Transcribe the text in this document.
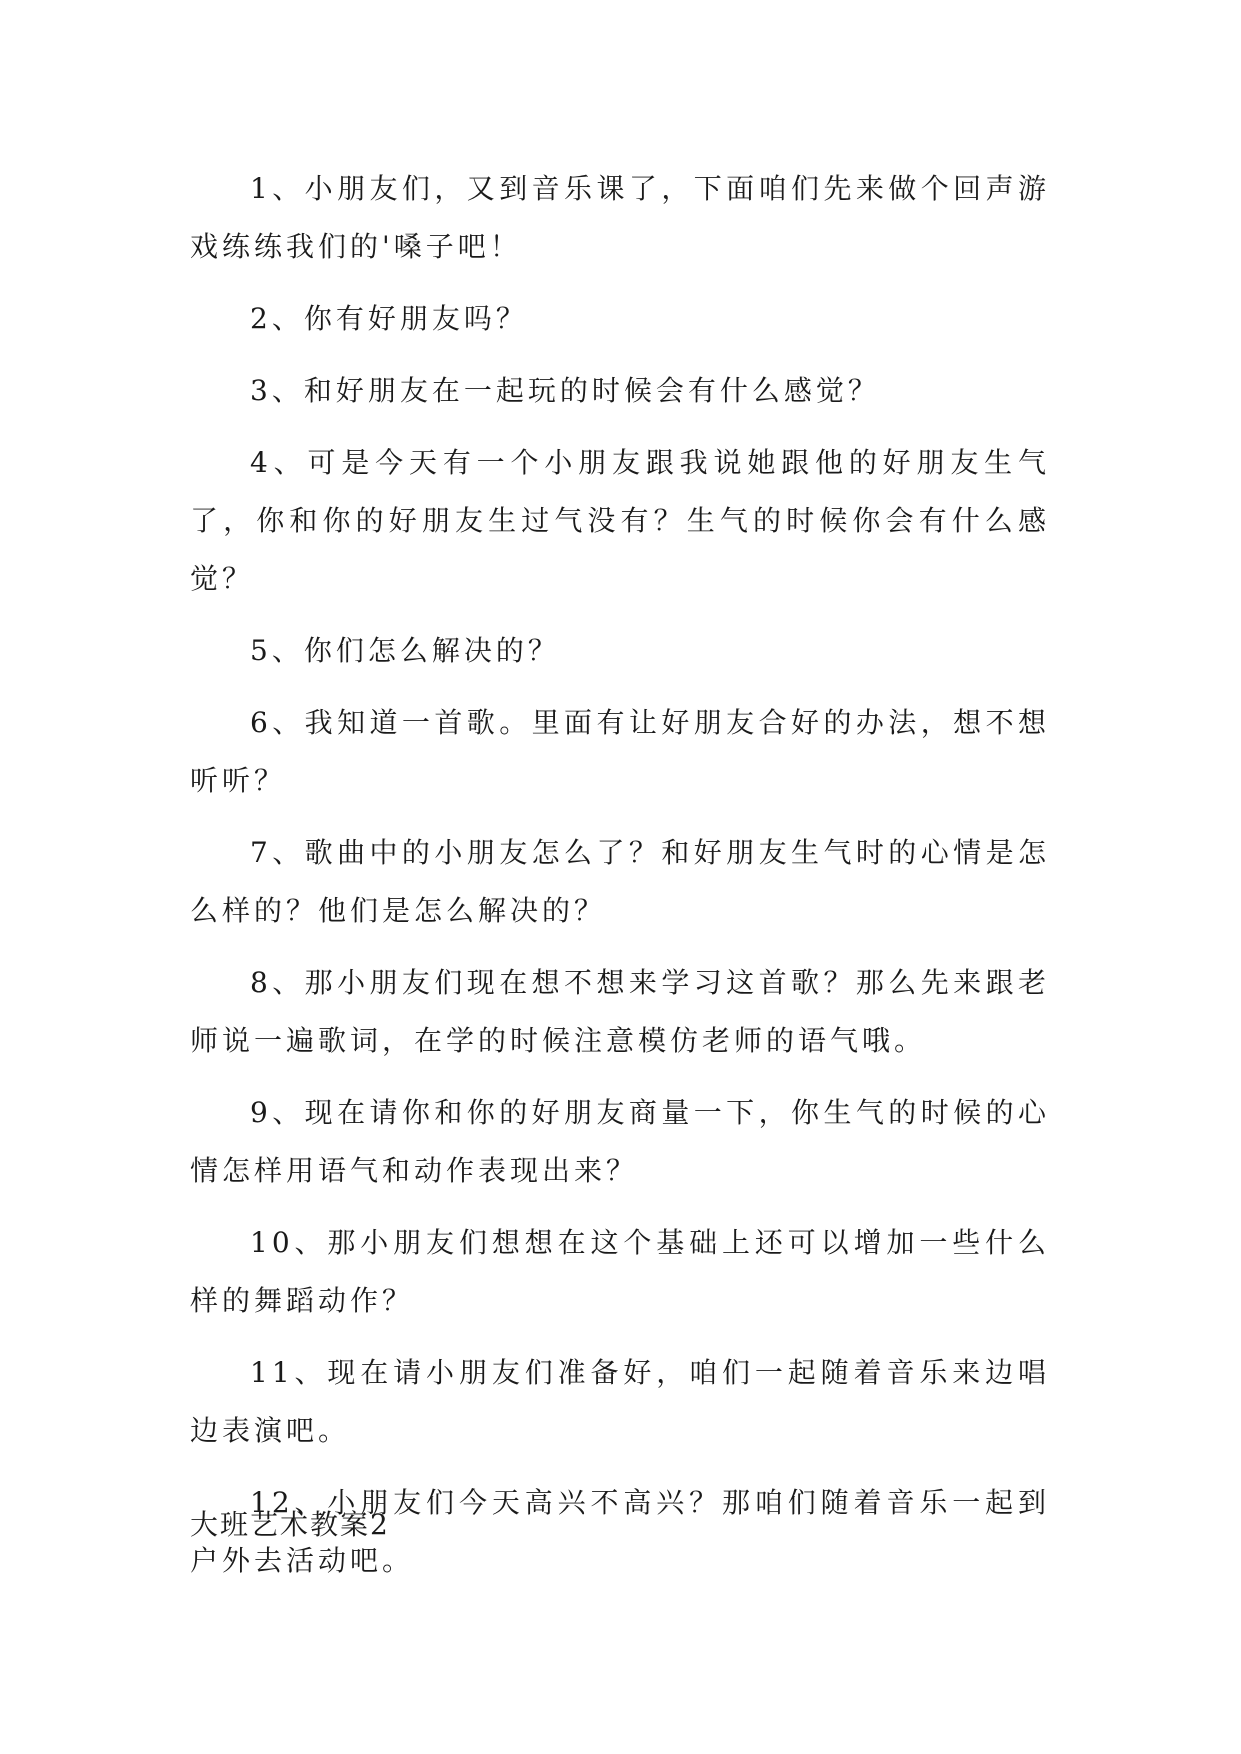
1、小朋友们，又到音乐课了，下面咱们先来做个回声游戏练练我们的'嗓子吧！

2、你有好朋友吗？

3、和好朋友在一起玩的时候会有什么感觉？

4、可是今天有一个小朋友跟我说她跟他的好朋友生气了，你和你的好朋友生过气没有？生气的时候你会有什么感觉？

5、你们怎么解决的？

6、我知道一首歌。里面有让好朋友合好的办法，想不想听听？

7、歌曲中的小朋友怎么了？和好朋友生气时的心情是怎么样的？他们是怎么解决的？

8、那小朋友们现在想不想来学习这首歌？那么先来跟老师说一遍歌词，在学的时候注意模仿老师的语气哦。

9、现在请你和你的好朋友商量一下，你生气的时候的心情怎样用语气和动作表现出来？

10、那小朋友们想想在这个基础上还可以增加一些什么样的舞蹈动作？

11、现在请小朋友们准备好，咱们一起随着音乐来边唱边表演吧。

12、小朋友们今天高兴不高兴？那咱们随着音乐一起到户外去活动吧。

大班艺术教案2
